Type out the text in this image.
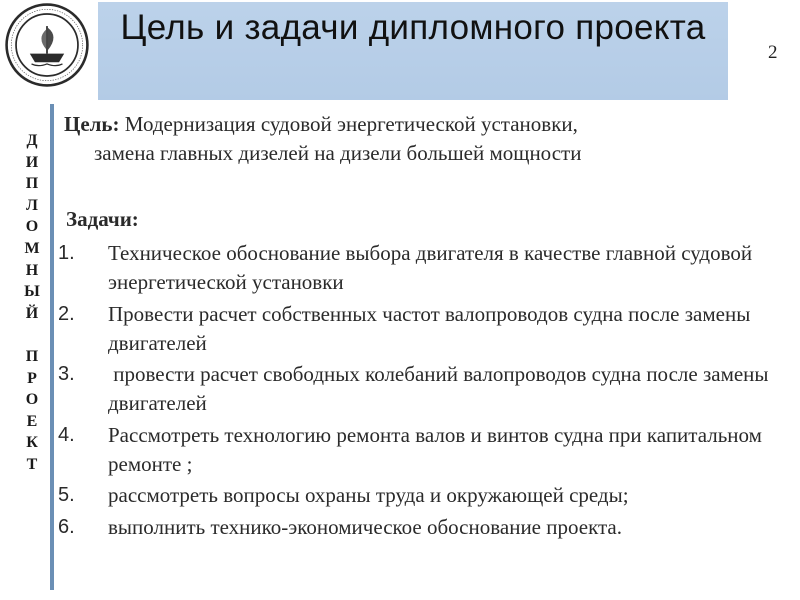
Цель и задачи дипломного проекта
2
Д
И
П
Л
О
М
Н
Ы
Й
П
Р
О
Е
К
Т
Цель: Модернизация судовой энергетической установки,
замена главных дизелей на дизели большей мощности
Задачи:
1. Техническое обоснование выбора двигателя в качестве главной судовой энергетической установки
2. Провести расчет собственных частот валопроводов судна после замены двигателей
3. провести расчет свободных колебаний валопроводов судна после замены  двигателей
4. Рассмотреть технологию ремонта валов и винтов судна при капитальном ремонте ;
5. рассмотреть вопросы охраны труда и окружающей среды;
6. выполнить технико-экономическое обоснование проекта.
